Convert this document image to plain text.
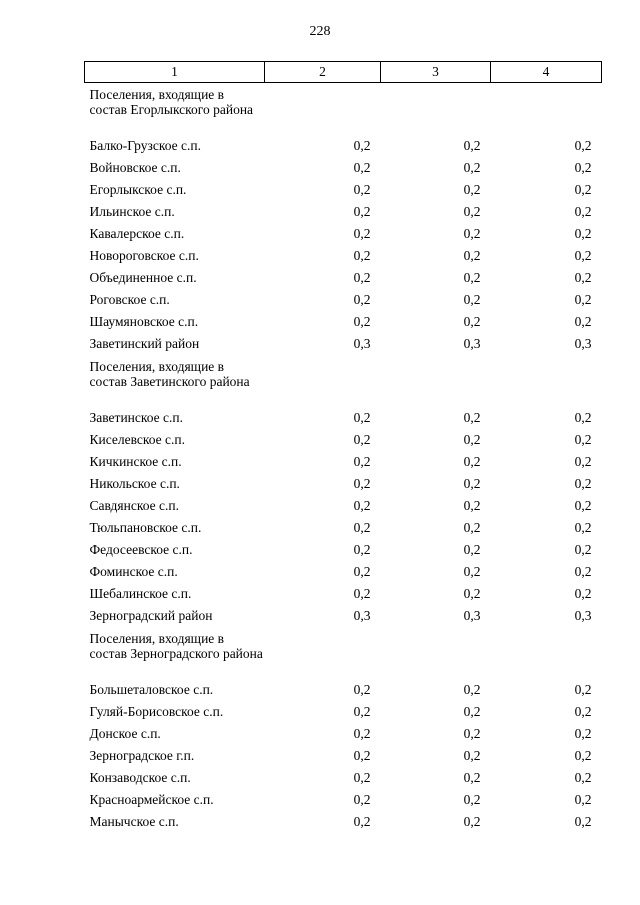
228
1	2	3	4
Поселения, входящие в состав Егорлыкского района			
Балко-Грузское с.п.	0,2	0,2	0,2
Войновское с.п.	0,2	0,2	0,2
Егорлыкское с.п.	0,2	0,2	0,2
Ильинское с.п.	0,2	0,2	0,2
Кавалерское с.п.	0,2	0,2	0,2
Новороговское с.п.	0,2	0,2	0,2
Объединенное с.п.	0,2	0,2	0,2
Роговское с.п.	0,2	0,2	0,2
Шаумяновское с.п.	0,2	0,2	0,2
Заветинский район	0,3	0,3	0,3
Поселения, входящие в состав Заветинского района			
Заветинское с.п.	0,2	0,2	0,2
Киселевское с.п.	0,2	0,2	0,2
Кичкинское с.п.	0,2	0,2	0,2
Никольское с.п.	0,2	0,2	0,2
Савдянское с.п.	0,2	0,2	0,2
Тюльпановское с.п.	0,2	0,2	0,2
Федосеевское с.п.	0,2	0,2	0,2
Фоминское с.п.	0,2	0,2	0,2
Шебалинское с.п.	0,2	0,2	0,2
Зерноградский район	0,3	0,3	0,3
Поселения, входящие в состав Зерноградского района			
Большеталовское с.п.	0,2	0,2	0,2
Гуляй-Борисовское с.п.	0,2	0,2	0,2
Донское с.п.	0,2	0,2	0,2
Зерноградское г.п.	0,2	0,2	0,2
Конзаводское с.п.	0,2	0,2	0,2
Красноармейское с.п.	0,2	0,2	0,2
Манычское с.п.	0,2	0,2	0,2
